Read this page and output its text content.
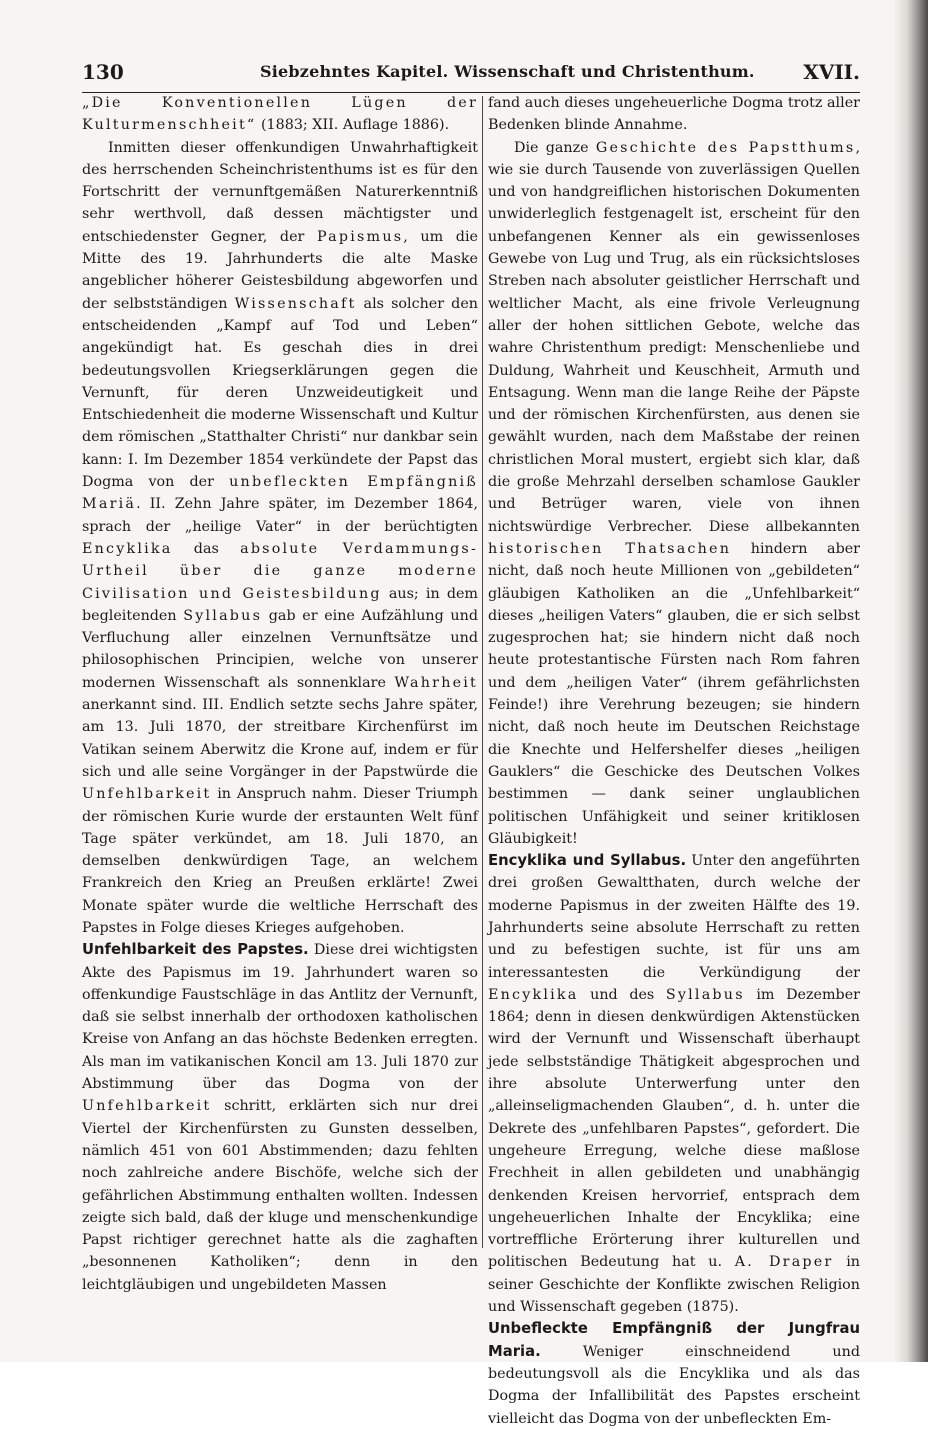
130	Siebzehntes Kapitel. Wissenschaft und Christenthum. XVII.

„Die Konventionellen Lügen der Kulturmenschheit“ (1883; XII. Auflage 1886).

Inmitten dieser offenkundigen Unwahrhaftigkeit des herrschenden Scheinchristenthums ist es für den Fortschritt der vernunftgemäßen Naturerkenntniß sehr werthvoll, daß dessen mächtigster und entschiedenster Gegner, der Papismus, um die Mitte des 19. Jahrhunderts die alte Maske angeblicher höherer Geistesbildung abgeworfen und der selbstständigen Wissenschaft als solcher den entscheidenden „Kampf auf Tod und Leben“ angekündigt hat. Es geschah dies in drei bedeutungsvollen Kriegserklärungen gegen die Vernunft, für deren Unzweideutigkeit und Entschiedenheit die moderne Wissenschaft und Kultur dem römischen „Statthalter Christi“ nur dankbar sein kann: I. Im Dezember 1854 verkündete der Papst das Dogma von der unbefleckten Empfängniß Mariä. II. Zehn Jahre später, im Dezember 1864, sprach der „heilige Vater“ in der berüchtigten Encyklika das absolute Verdammungs-Urtheil über die ganze moderne Civilisation und Geistesbildung aus; in dem begleitenden Syllabus gab er eine Aufzählung und Verfluchung aller einzelnen Vernunftsätze und philosophischen Principien, welche von unserer modernen Wissenschaft als sonnenklare Wahrheit anerkannt sind. III. Endlich setzte sechs Jahre später, am 13. Juli 1870, der streitbare Kirchenfürst im Vatikan seinem Aberwitz die Krone auf, indem er für sich und alle seine Vorgänger in der Papstwürde die Unfehlbarkeit in Anspruch nahm. Dieser Triumph der römischen Kurie wurde der erstaunten Welt fünf Tage später verkündet, am 18. Juli 1870, an demselben denkwürdigen Tage, an welchem Frankreich den Krieg an Preußen erklärte! Zwei Monate später wurde die weltliche Herrschaft des Papstes in Folge dieses Krieges aufgehoben.

Unfehlbarkeit des Papstes. Diese drei wichtigsten Akte des Papismus im 19. Jahrhundert waren so offenkundige Faustschläge in das Antlitz der Vernunft, daß sie selbst innerhalb der orthodoxen katholischen Kreise von Anfang an das höchste Bedenken erregten. Als man im vatikanischen Koncil am 13. Juli 1870 zur Abstimmung über das Dogma von der Unfehlbarkeit schritt, erklärten sich nur drei Viertel der Kirchenfürsten zu Gunsten desselben, nämlich 451 von 601 Abstimmenden; dazu fehlten noch zahlreiche andere Bischöfe, welche sich der gefährlichen Abstimmung enthalten wollten. Indessen zeigte sich bald, daß der kluge und menschenkundige Papst richtiger gerechnet hatte als die zaghaften „besonnenen Katholiken“; denn in den leichtgläubigen und ungebildeten Massen

fand auch dieses ungeheuerliche Dogma trotz aller Bedenken blinde Annahme.

Die ganze Geschichte des Papstthums, wie sie durch Tausende von zuverlässigen Quellen und von handgreiflichen historischen Dokumenten unwiderleglich festgenagelt ist, erscheint für den unbefangenen Kenner als ein gewissenloses Gewebe von Lug und Trug, als ein rücksichtsloses Streben nach absoluter geistlicher Herrschaft und weltlicher Macht, als eine frivole Verleugnung aller der hohen sittlichen Gebote, welche das wahre Christenthum predigt: Menschenliebe und Duldung, Wahrheit und Keuschheit, Armuth und Entsagung. Wenn man die lange Reihe der Päpste und der römischen Kirchenfürsten, aus denen sie gewählt wurden, nach dem Maßstabe der reinen christlichen Moral mustert, ergiebt sich klar, daß die große Mehrzahl derselben schamlose Gaukler und Betrüger waren, viele von ihnen nichtswürdige Verbrecher. Diese allbekannten historischen Thatsachen hindern aber nicht, daß noch heute Millionen von „gebildeten“ gläubigen Katholiken an die „Unfehlbarkeit“ dieses „heiligen Vaters“ glauben, die er sich selbst zugesprochen hat; sie hindern nicht daß noch heute protestantische Fürsten nach Rom fahren und dem „heiligen Vater“ (ihrem gefährlichsten Feinde!) ihre Verehrung bezeugen; sie hindern nicht, daß noch heute im Deutschen Reichstage die Knechte und Helfershelfer dieses „heiligen Gauklers“ die Geschicke des Deutschen Volkes bestimmen — dank seiner unglaublichen politischen Unfähigkeit und seiner kritiklosen Gläubigkeit!

Encyklika und Syllabus. Unter den angeführten drei großen Gewaltthaten, durch welche der moderne Papismus in der zweiten Hälfte des 19. Jahrhunderts seine absolute Herrschaft zu retten und zu befestigen suchte, ist für uns am interessantesten die Verkündigung der Encyklika und des Syllabus im Dezember 1864; denn in diesen denkwürdigen Aktenstücken wird der Vernunft und Wissenschaft überhaupt jede selbstständige Thätigkeit abgesprochen und ihre absolute Unterwerfung unter den „alleinseligmachenden Glauben“, d. h. unter die Dekrete des „unfehlbaren Papstes“, gefordert. Die ungeheure Erregung, welche diese maßlose Frechheit in allen gebildeten und unabhängig denkenden Kreisen hervorrief, entsprach dem ungeheuerlichen Inhalte der Encyklika; eine vortreffliche Erörterung ihrer kulturellen und politischen Bedeutung hat u. A. Draper in seiner Geschichte der Konflikte zwischen Religion und Wissenschaft gegeben (1875).

Unbefleckte Empfängniß der Jungfrau Maria. Weniger einschneidend und bedeutungsvoll als die Encyklika und als das Dogma der Infallibilität des Papstes erscheint vielleicht das Dogma von der unbefleckten Em-
